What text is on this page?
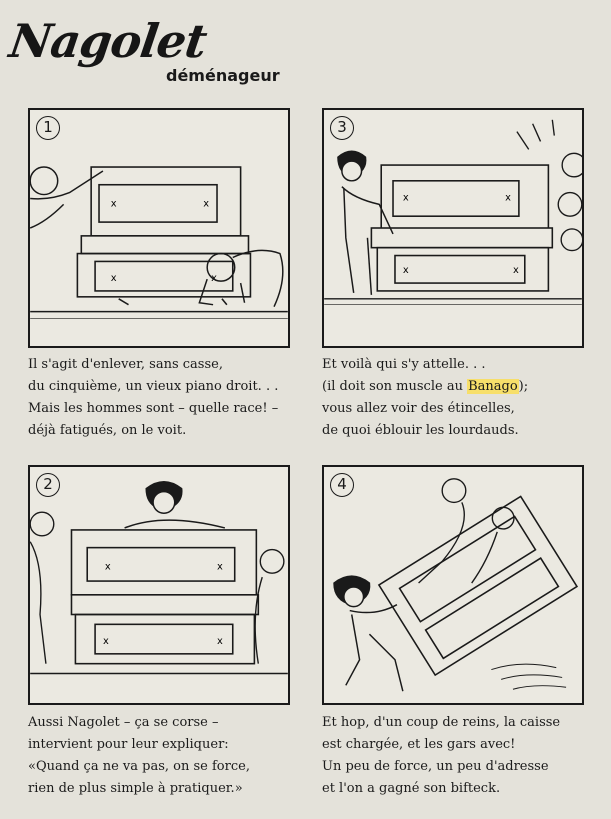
Nagolet
déménageur
x	x
x	x
1
x	x
x	x
3
x	x
x	x
2	4
Il s'agit d'enlever, sans casse,
du cinquième, un vieux piano droit. . .
Mais les hommes sont – quelle race! –
déjà fatigués, on le voit.
Et voilà qui s'y attelle. . .
(il doit son muscle au Banago);
vous allez voir des étincelles,
de quoi éblouir les lourdauds.
Aussi Nagolet – ça se corse –
intervient pour leur expliquer:
«Quand ça ne va pas, on se force,
rien de plus simple à pratiquer.»
Et hop, d'un coup de reins, la caisse
est chargée, et les gars avec!
Un peu de force, un peu d'adresse
et l'on a gagné son bifteck.
